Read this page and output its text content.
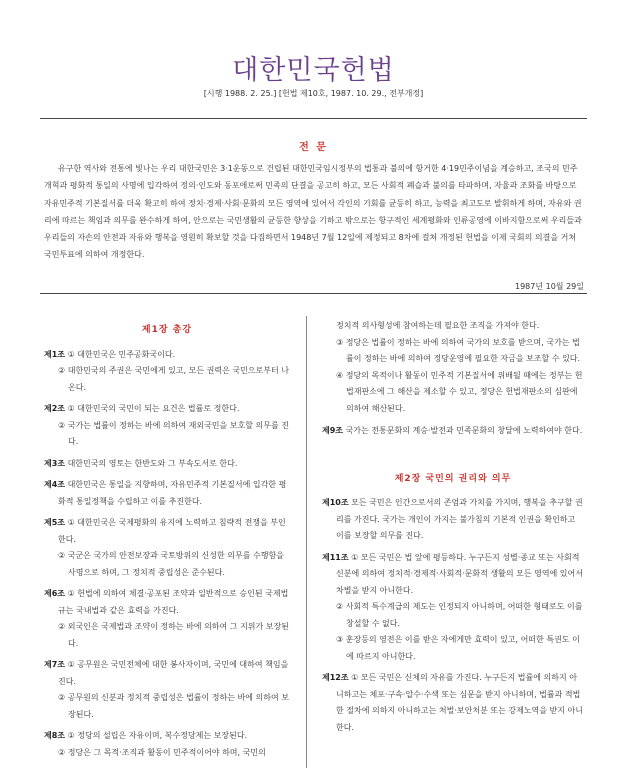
대한민국헌법
[시행 1988. 2. 25.] [헌법 제10호, 1987. 10. 29., 전부개정]
전 문
유구한 역사와 전통에 빛나는 우리 대한국민은 3·1운동으로 건립된 대한민국임시정부의 법통과 불의에 항거한 4·19민주이념을 계승하고, 조국의 민주개혁과 평화적 통일의 사명에 입각하여 정의·인도와 동포애로써 민족의 단결을 공고히 하고, 모든 사회적 폐습과 불의를 타파하며, 자율과 조화를 바탕으로 자유민주적 기본질서를 더욱 확고히 하여 정치·경제·사회·문화의 모든 영역에 있어서 각인의 기회를 균등히 하고, 능력을 최고도로 발휘하게 하며, 자유와 권리에 따르는 책임과 의무를 완수하게 하여, 안으로는 국민생활의 균등한 향상을 기하고 밖으로는 항구적인 세계평화와 인류공영에 이바지함으로써 우리들과 우리들의 자손의 안전과 자유와 행복을 영원히 확보할 것을 다짐하면서 1948년 7월 12일에 제정되고 8차에 걸쳐 개정된 헌법을 이제 국회의 의결을 거쳐 국민투표에 의하여 개정한다.
1987년 10월 29일
제1장 총강

제1조 ① 대한민국은 민주공화국이다.

② 대한민국의 주권은 국민에게 있고, 모든 권력은 국민으로부터 나온다.

제2조 ① 대한민국의 국민이 되는 요건은 법률로 정한다.

② 국가는 법률이 정하는 바에 의하여 재외국민을 보호할 의무를 진다.

제3조 대한민국의 영토는 한반도와 그 부속도서로 한다.

제4조 대한민국은 통일을 지향하며, 자유민주적 기본질서에 입각한 평화적 통일정책을 수립하고 이를 추진한다.

제5조 ① 대한민국은 국제평화의 유지에 노력하고 침략적 전쟁을 부인한다.

② 국군은 국가의 안전보장과 국토방위의 신성한 의무를 수행함을 사명으로 하며, 그 정치적 중립성은 준수된다.

제6조 ① 헌법에 의하여 체결·공포된 조약과 일반적으로 승인된 국제법규는 국내법과 같은 효력을 가진다.

② 외국인은 국제법과 조약이 정하는 바에 의하여 그 지위가 보장된다.

제7조 ① 공무원은 국민전체에 대한 봉사자이며, 국민에 대하여 책임을 진다.

② 공무원의 신분과 정치적 중립성은 법률이 정하는 바에 의하여 보장된다.

제8조 ① 정당의 설립은 자유이며, 복수정당제는 보장된다.

② 정당은 그 목적·조직과 활동이 민주적이어야 하며, 국민의

정치적 의사형성에 참여하는데 필요한 조직을 가져야 한다.

③ 정당은 법률이 정하는 바에 의하여 국가의 보호를 받으며, 국가는 법률이 정하는 바에 의하여 정당운영에 필요한 자금을 보조할 수 있다.

④ 정당의 목적이나 활동이 민주적 기본질서에 위배될 때에는 정부는 헌법재판소에 그 해산을 제소할 수 있고, 정당은 헌법재판소의 심판에 의하여 해산된다.

제9조 국가는 전통문화의 계승·발전과 민족문화의 창달에 노력하여야 한다.

제2장 국민의 권리와 의무

제10조 모든 국민은 인간으로서의 존엄과 가치를 가지며, 행복을 추구할 권리를 가진다. 국가는 개인이 가지는 불가침의 기본적 인권을 확인하고 이를 보장할 의무를 진다.

제11조 ① 모든 국민은 법 앞에 평등하다. 누구든지 성별·종교 또는 사회적 신분에 의하여 정치적·경제적·사회적·문화적 생활의 모든 영역에 있어서 차별을 받지 아니한다.

② 사회적 특수계급의 제도는 인정되지 아니하며, 어떠한 형태로도 이를 창설할 수 없다.

③ 훈장등의 영전은 이를 받은 자에게만 효력이 있고, 어떠한 특권도 이에 따르지 아니한다.

제12조 ① 모든 국민은 신체의 자유를 가진다. 누구든지 법률에 의하지 아니하고는 체포·구속·압수·수색 또는 심문을 받지 아니하며, 법률과 적법한 절차에 의하지 아니하고는 처벌·보안처분 또는 강제노역을 받지 아니한다.
